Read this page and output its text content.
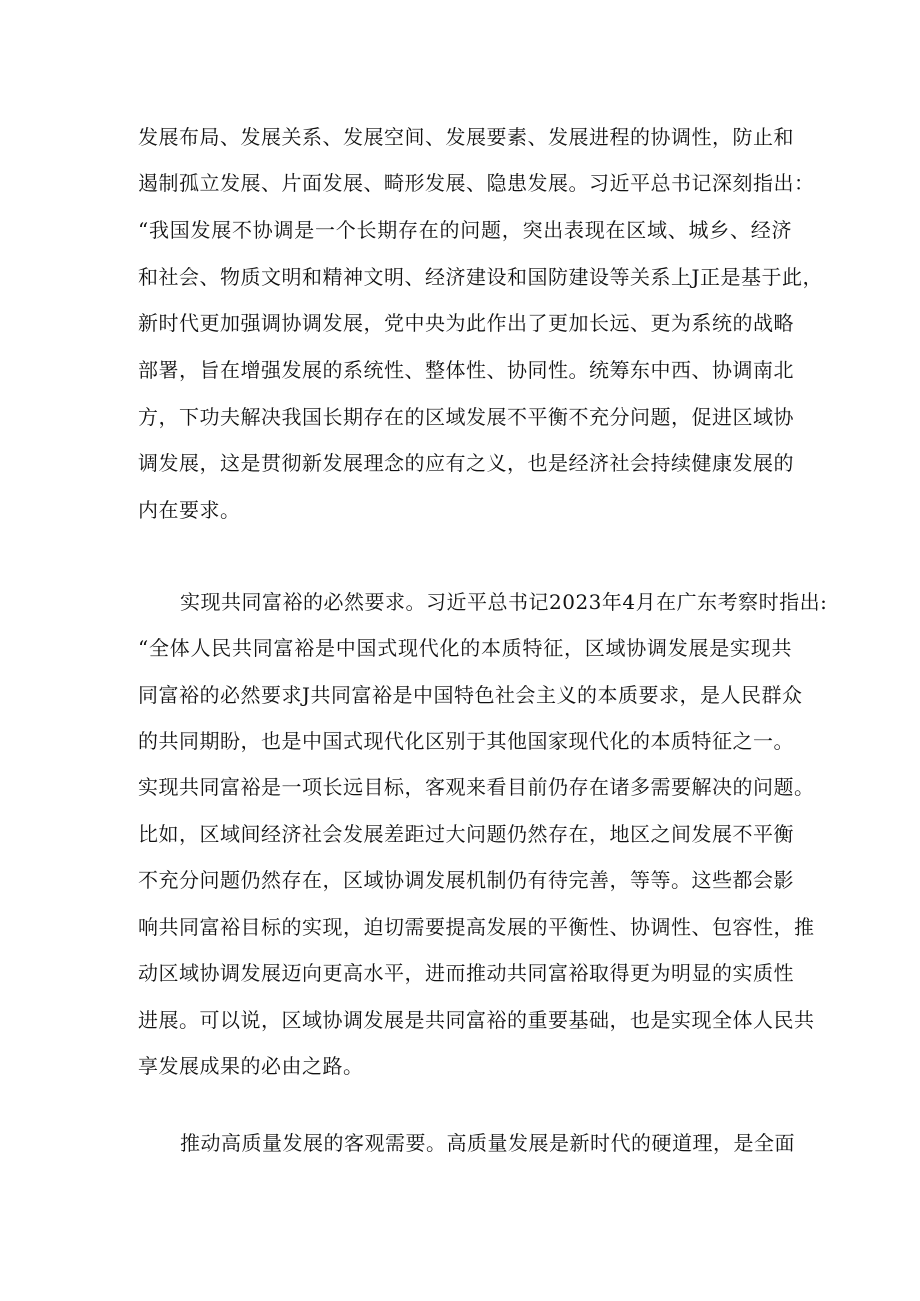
发展布局、发展关系、发展空间、发展要素、发展进程的协调性，防止和
遏制孤立发展、片面发展、畸形发展、隐患发展。习近平总书记深刻指出：
“我国发展不协调是一个长期存在的问题，突出表现在区域、城乡、经济
和社会、物质文明和精神文明、经济建设和国防建设等关系上J正是基于此，
新时代更加强调协调发展，党中央为此作出了更加长远、更为系统的战略
部署，旨在增强发展的系统性、整体性、协同性。统筹东中西、协调南北
方，下功夫解决我国长期存在的区域发展不平衡不充分问题，促进区域协
调发展，这是贯彻新发展理念的应有之义，也是经济社会持续健康发展的
内在要求。
实现共同富裕的必然要求。习近平总书记2023年4月在广东考察时指出:
“全体人民共同富裕是中国式现代化的本质特征，区域协调发展是实现共
同富裕的必然要求J共同富裕是中国特色社会主义的本质要求，是人民群众
的共同期盼，也是中国式现代化区别于其他国家现代化的本质特征之一。
实现共同富裕是一项长远目标，客观来看目前仍存在诸多需要解决的问题。
比如，区域间经济社会发展差距过大问题仍然存在，地区之间发展不平衡
不充分问题仍然存在，区域协调发展机制仍有待完善，等等。这些都会影
响共同富裕目标的实现，迫切需要提高发展的平衡性、协调性、包容性，推
动区域协调发展迈向更高水平，进而推动共同富裕取得更为明显的实质性
进展。可以说，区域协调发展是共同富裕的重要基础，也是实现全体人民共
享发展成果的必由之路。
推动高质量发展的客观需要。高质量发展是新时代的硬道理，是全面
